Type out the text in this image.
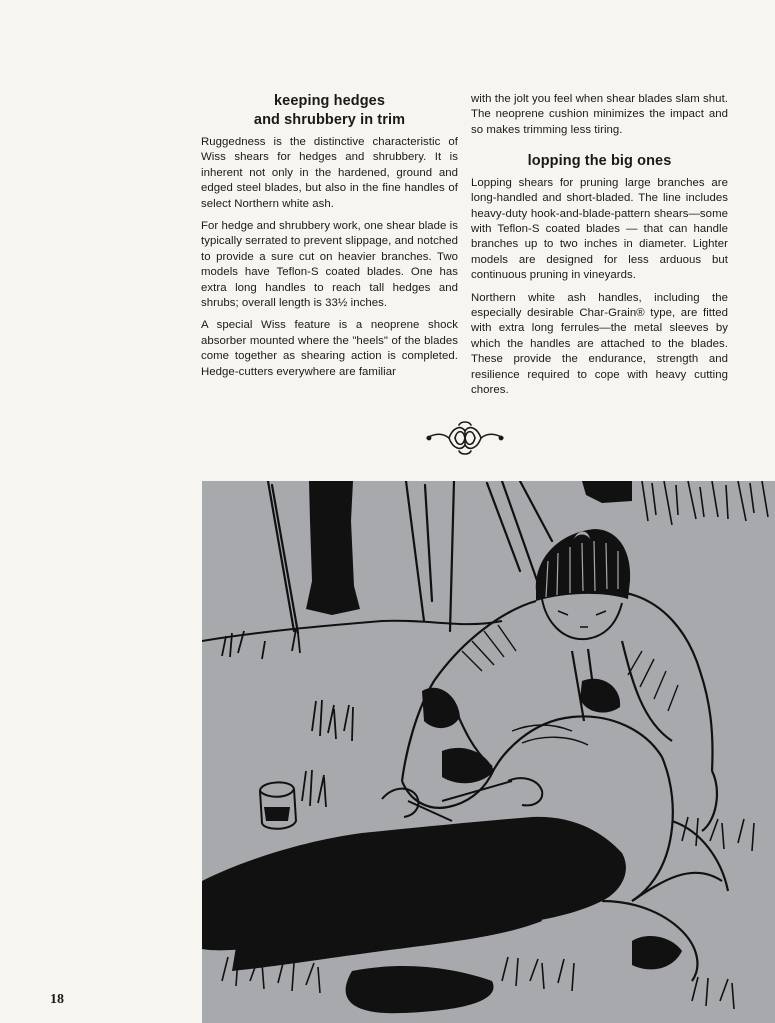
keeping hedges
and shrubbery in trim

Ruggedness is the distinctive characteristic of Wiss shears for hedges and shrubbery. It is inherent not only in the hardened, ground and edged steel blades, but also in the fine handles of select Northern white ash.

For hedge and shrubbery work, one shear blade is typically serrated to prevent slippage, and notched to provide a sure cut on heavier branches. Two models have Teflon-S coated blades. One has extra long handles to reach tall hedges and shrubs; overall length is 33½ inches.

A special Wiss feature is a neoprene shock absorber mounted where the "heels" of the blades come together as shearing action is completed. Hedge-cutters everywhere are familiar

with the jolt you feel when shear blades slam shut. The neoprene cushion minimizes the impact and so makes trimming less tiring.

lopping the big ones

Lopping shears for pruning large branches are long-handled and short-bladed. The line includes heavy-duty hook-and-blade-pattern shears—some with Teflon-S coated blades — that can handle branches up to two inches in diameter. Lighter models are designed for less arduous but continuous pruning in vineyards.

Northern white ash handles, including the especially desirable Char-Grain® type, are fitted with extra long ferrules—the metal sleeves by which the handles are attached to the blades. These provide the endurance, strength and resilience required to cope with heavy cutting chores.

18
